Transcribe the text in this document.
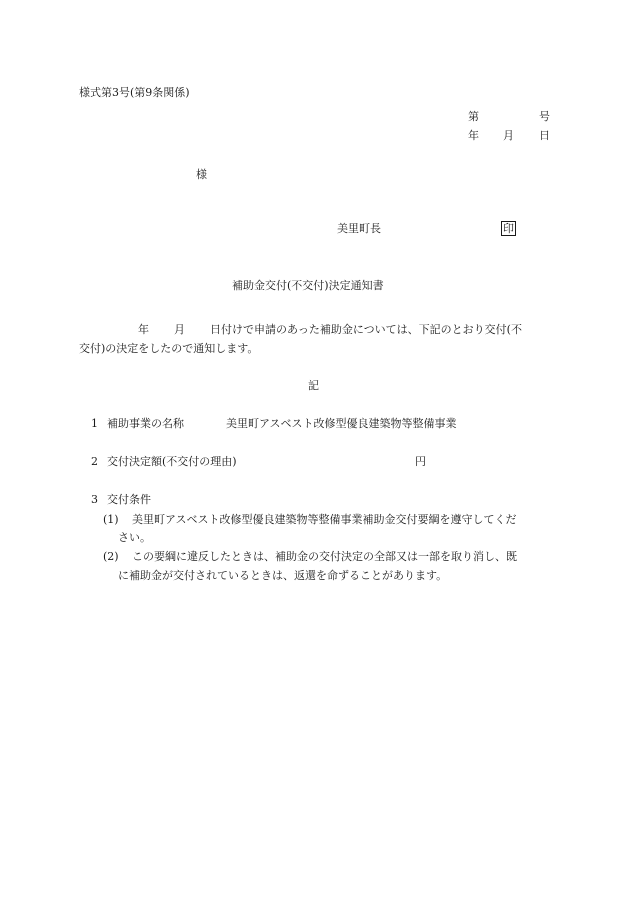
様式第3号(第9条関係)
第	号
年 月 日
様
美里町長	印
補助金交付(不交付)決定通知書
年 月 日付けで申請のあった補助金については、下記のとおり交付(不
交付)の決定をしたので通知します。
記
1 補助事業の名称	美里町アスベスト改修型優良建築物等整備事業
2 交付決定額(不交付の理由)	円
3 交付条件
(1) 美里町アスベスト改修型優良建築物等整備事業補助金交付要綱を遵守してくだ
さい。
(2) この要綱に違反したときは、補助金の交付決定の全部又は一部を取り消し、既
に補助金が交付されているときは、返還を命ずることがあります。
